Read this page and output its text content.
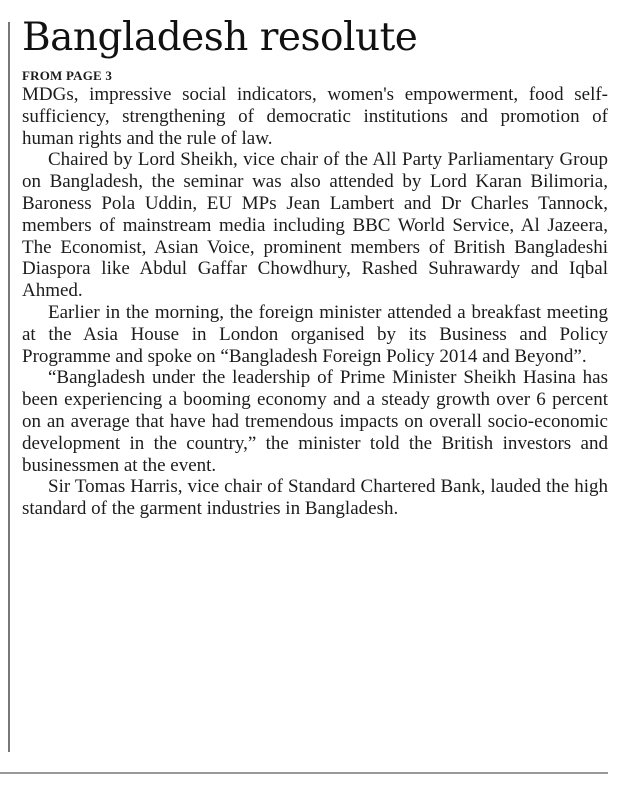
Bangladesh resolute
FROM PAGE 3

MDGs, impressive social indicators, women's empowerment, food self-sufficiency, strengthening of democratic institutions and promotion of human rights and the rule of law.

Chaired by Lord Sheikh, vice chair of the All Party Parliamentary Group on Bangladesh, the seminar was also attended by Lord Karan Bilimoria, Baroness Pola Uddin, EU MPs Jean Lambert and Dr Charles Tannock, members of mainstream media including BBC World Service, Al Jazeera, The Economist, Asian Voice, prominent members of British Bangladeshi Diaspora like Abdul Gaffar Chowdhury, Rashed Suhrawardy and Iqbal Ahmed.

Earlier in the morning, the foreign minister attended a breakfast meeting at the Asia House in London organised by its Business and Policy Programme and spoke on “Bangladesh Foreign Policy 2014 and Beyond”.

“Bangladesh under the leadership of Prime Minister Sheikh Hasina has been experiencing a booming economy and a steady growth over 6 percent on an average that have had tremendous impacts on overall socio-economic development in the country,” the minister told the British investors and businessmen at the event.

Sir Tomas Harris, vice chair of Standard Chartered Bank, lauded the high standard of the garment industries in Bangladesh.
